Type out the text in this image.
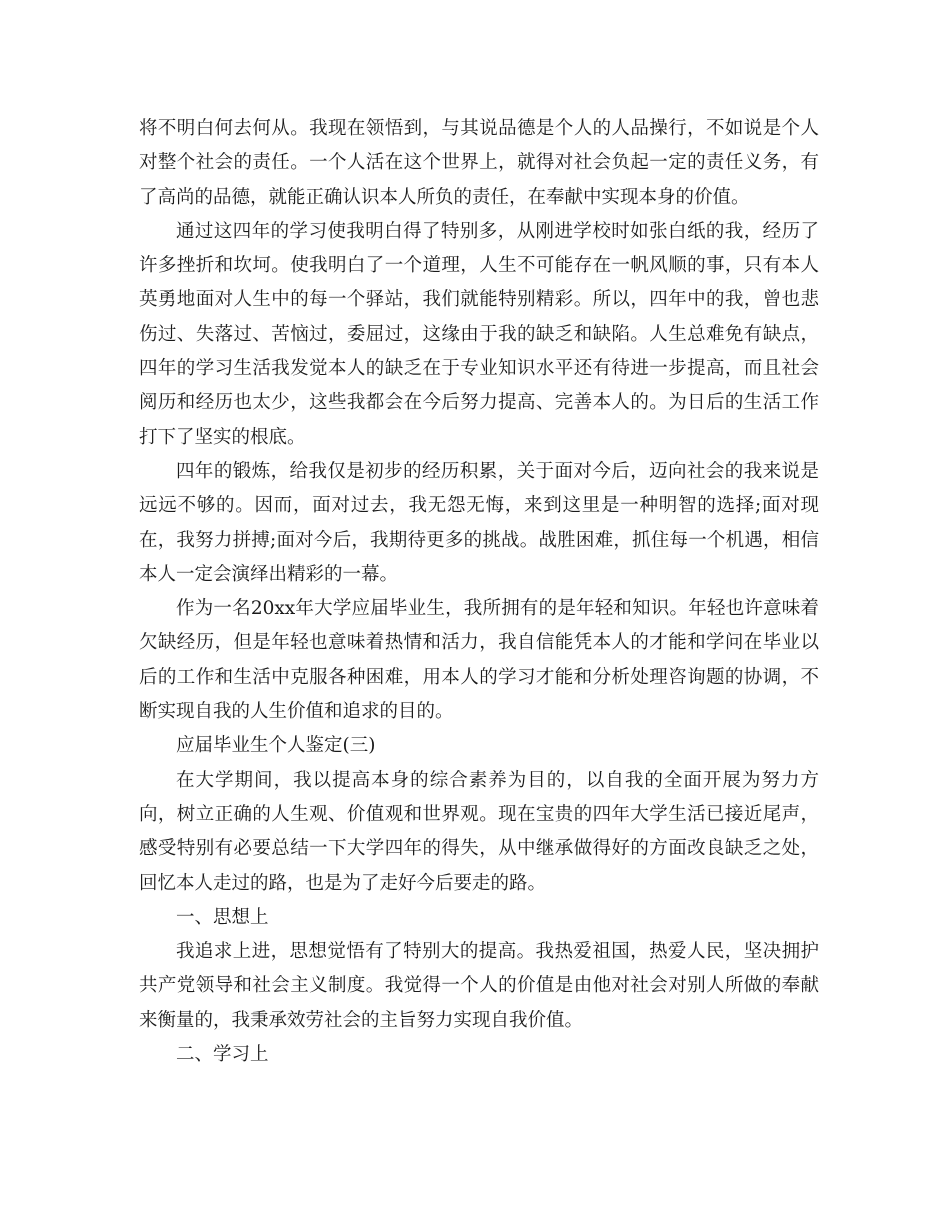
将不明白何去何从。我现在领悟到，与其说品德是个人的人品操行，不如说是个人对整个社会的责任。一个人活在这个世界上，就得对社会负起一定的责任义务，有了高尚的品德，就能正确认识本人所负的责任，在奉献中实现本身的价值。

通过这四年的学习使我明白得了特别多，从刚进学校时如张白纸的我，经历了许多挫折和坎坷。使我明白了一个道理，人生不可能存在一帆风顺的事，只有本人英勇地面对人生中的每一个驿站，我们就能特别精彩。所以，四年中的我，曾也悲伤过、失落过、苦恼过，委屈过，这缘由于我的缺乏和缺陷。人生总难免有缺点，四年的学习生活我发觉本人的缺乏在于专业知识水平还有待进一步提高，而且社会阅历和经历也太少，这些我都会在今后努力提高、完善本人的。为日后的生活工作打下了坚实的根底。

四年的锻炼，给我仅是初步的经历积累，关于面对今后，迈向社会的我来说是远远不够的。因而，面对过去，我无怨无悔，来到这里是一种明智的选择;面对现在，我努力拼搏;面对今后，我期待更多的挑战。战胜困难，抓住每一个机遇，相信本人一定会演绎出精彩的一幕。

作为一名20xx年大学应届毕业生，我所拥有的是年轻和知识。年轻也许意味着欠缺经历，但是年轻也意味着热情和活力，我自信能凭本人的才能和学问在毕业以后的工作和生活中克服各种困难，用本人的学习才能和分析处理咨询题的协调，不断实现自我的人生价值和追求的目的。

应届毕业生个人鉴定(三)

在大学期间，我以提高本身的综合素养为目的，以自我的全面开展为努力方向，树立正确的人生观、价值观和世界观。现在宝贵的四年大学生活已接近尾声，感受特别有必要总结一下大学四年的得失，从中继承做得好的方面改良缺乏之处，回忆本人走过的路，也是为了走好今后要走的路。

一、思想上

我追求上进，思想觉悟有了特别大的提高。我热爱祖国，热爱人民，坚决拥护共产党领导和社会主义制度。我觉得一个人的价值是由他对社会对别人所做的奉献来衡量的，我秉承效劳社会的主旨努力实现自我价值。

二、学习上
